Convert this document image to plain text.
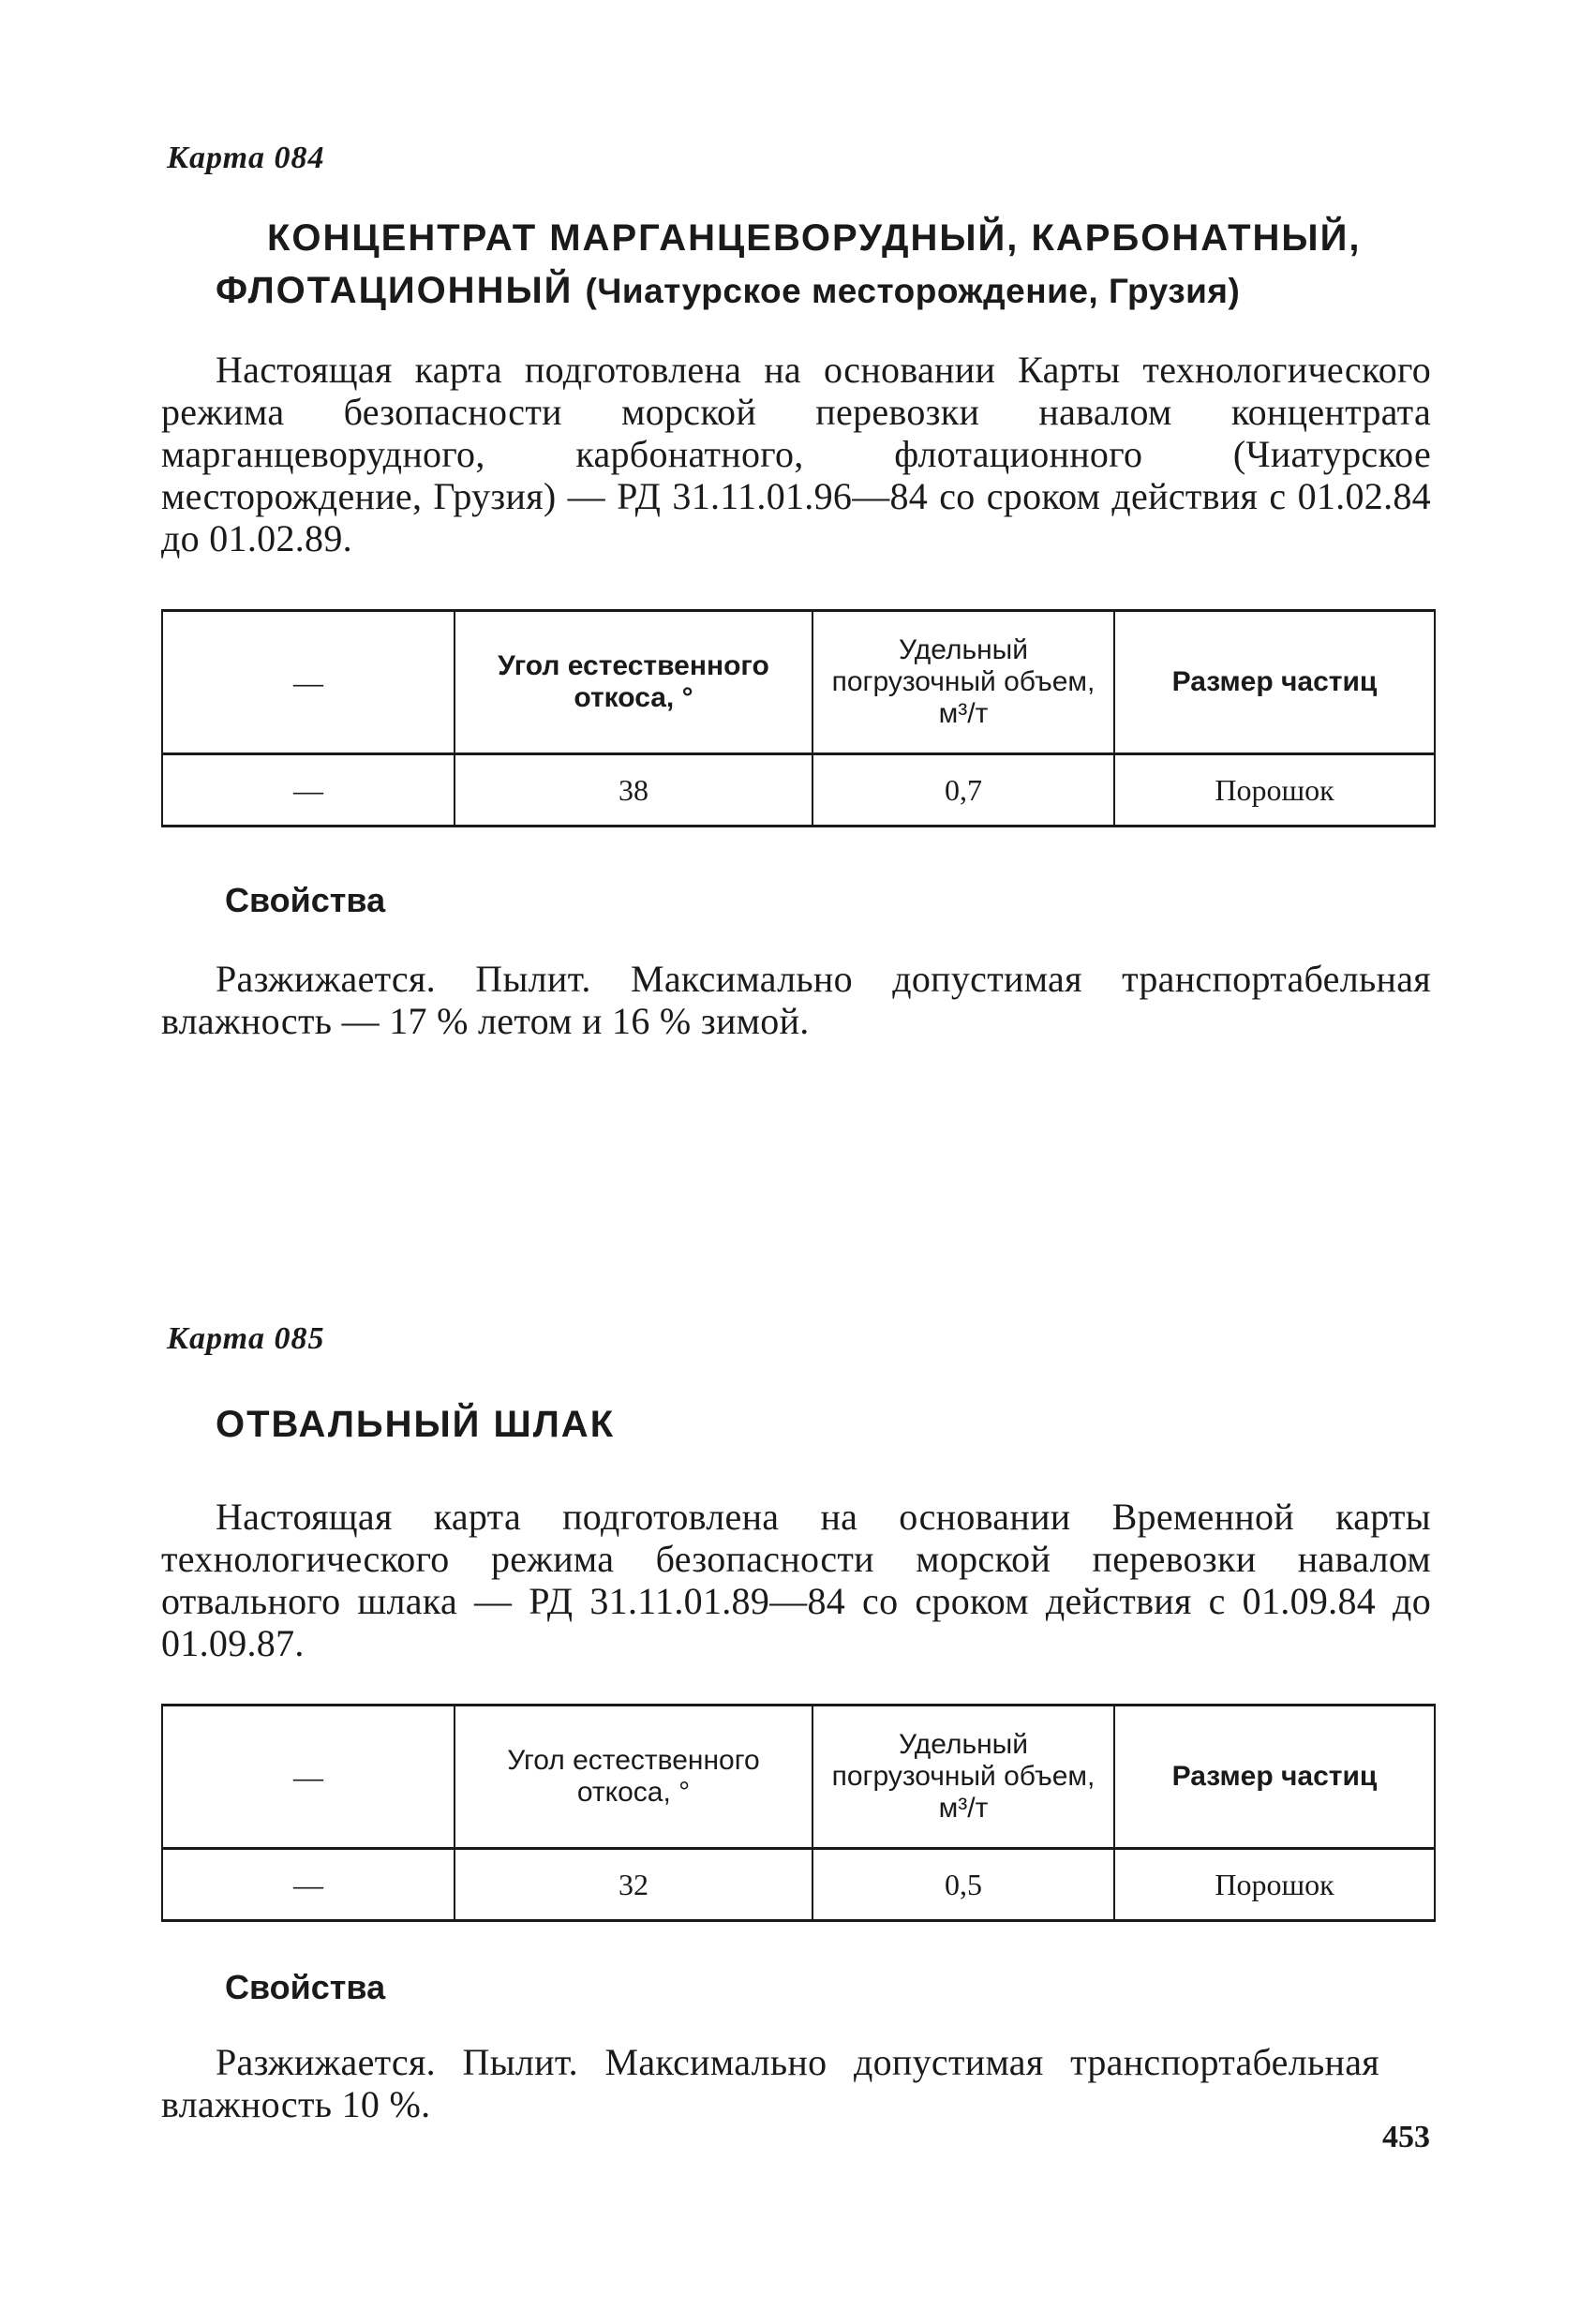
Карта 084
КОНЦЕНТРАТ МАРГАНЦЕВОРУДНЫЙ, КАРБОНАТНЫЙ,
ФЛОТАЦИОННЫЙ (Чиатурское месторождение, Грузия)
Настоящая карта подготовлена на основании Карты технологического режима безопасности морской перевозки навалом концентрата марганцеворудного, карбонатного, флотационного (Чиатурское месторождение, Грузия) — РД 31.11.01.96—84 со сроком действия с 01.02.84 до 01.02.89.
—	Угол естественного откоса, °	Удельный погрузочный объем, м³/т	Размер частиц
—	38	0,7	Порошок
Свойства
Разжижается. Пылит. Максимально допустимая транспортабельная влажность — 17 % летом и 16 % зимой.
Карта 085
ОТВАЛЬНЫЙ ШЛАК
Настоящая карта подготовлена на основании Временной карты технологического режима безопасности морской перевозки навалом отвального шлака — РД 31.11.01.89—84 со сроком действия с 01.09.84 до 01.09.87.
—	Угол естественного откоса, °	Удельный погрузочный объем, м³/т	Размер частиц
—	32	0,5	Порошок
Свойства
Разжижается. Пылит. Максимально допустимая транспортабельная влажность 10 %.
453
